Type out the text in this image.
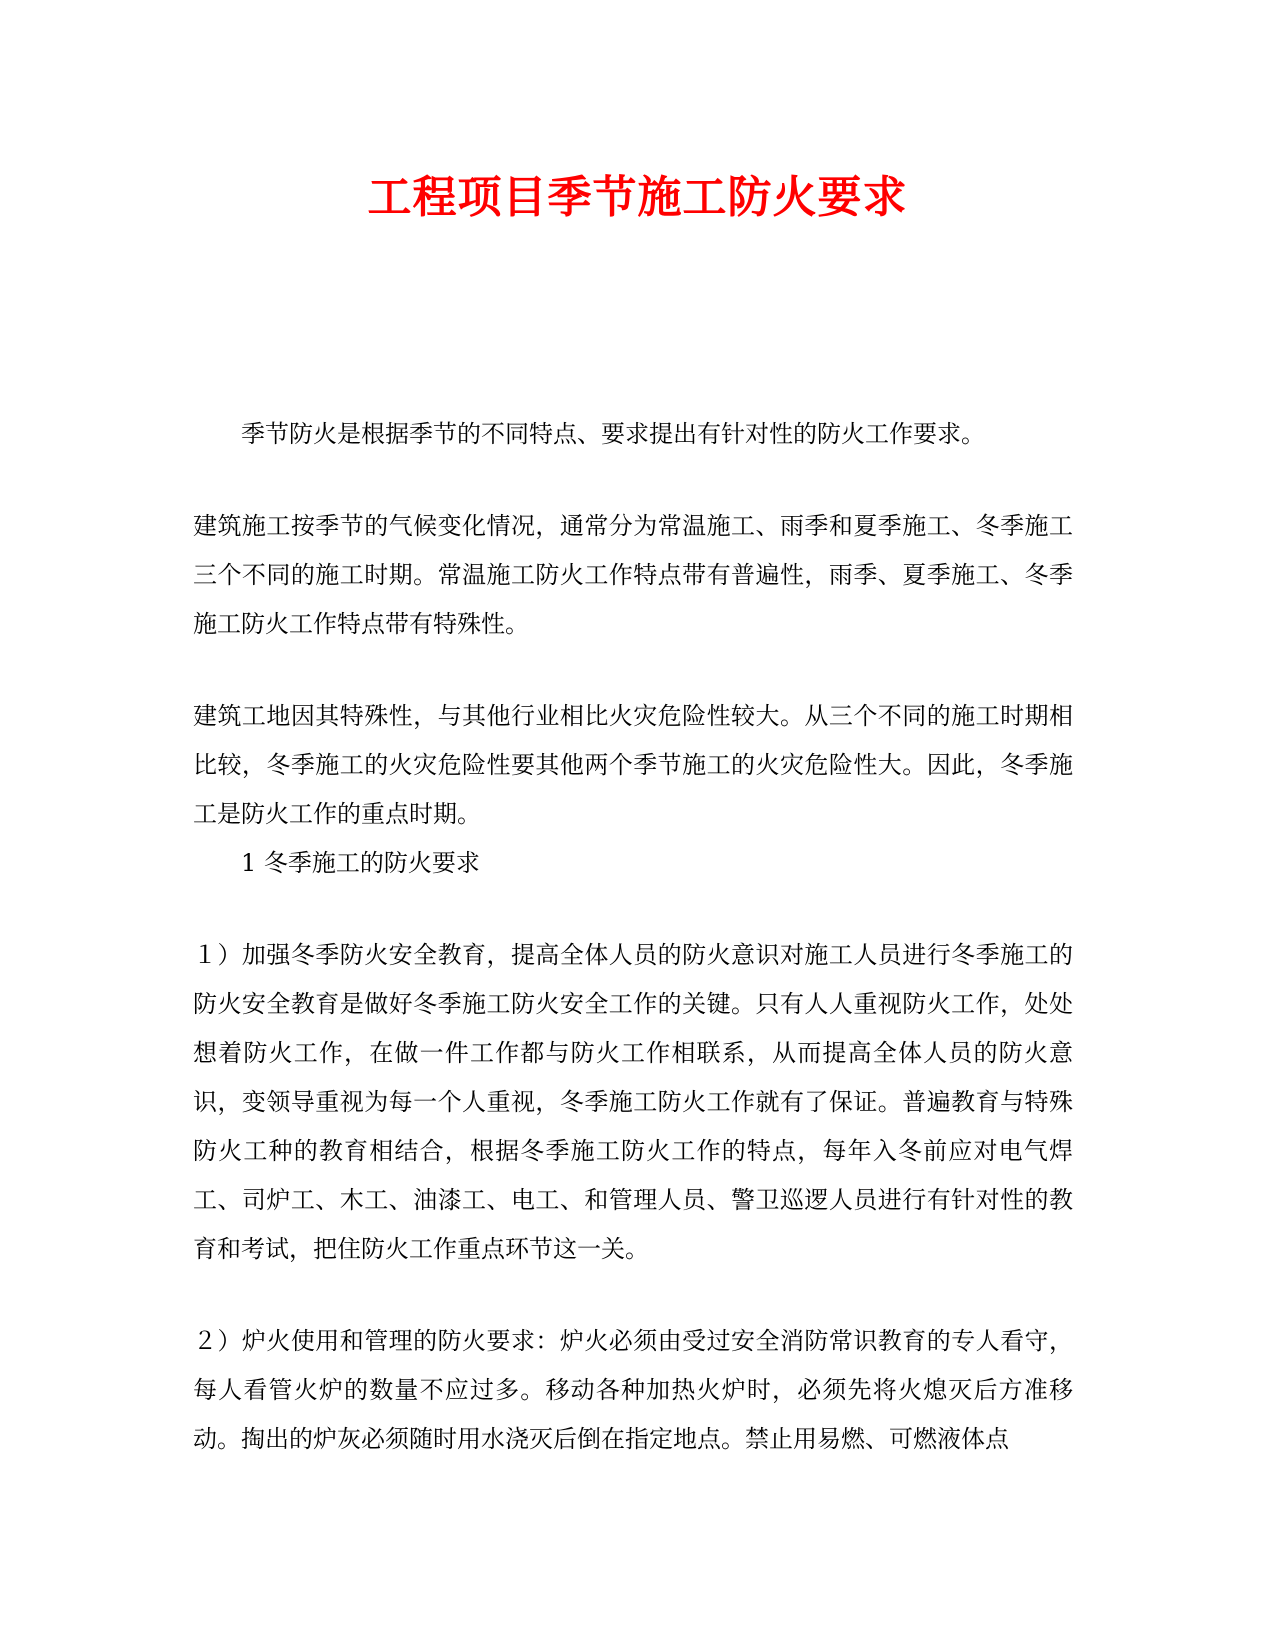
工程项目季节施工防火要求

季节防火是根据季节的不同特点、要求提出有针对性的防火工作要求。

建筑施工按季节的气候变化情况，通常分为常温施工、雨季和夏季施工、冬季施工三个不同的施工时期。常温施工防火工作特点带有普遍性，雨季、夏季施工、冬季施工防火工作特点带有特殊性。

建筑工地因其特殊性，与其他行业相比火灾危险性较大。从三个不同的施工时期相比较，冬季施工的火灾危险性要其他两个季节施工的火灾危险性大。因此，冬季施工是防火工作的重点时期。

1 冬季施工的防火要求

１）加强冬季防火安全教育，提高全体人员的防火意识对施工人员进行冬季施工的防火安全教育是做好冬季施工防火安全工作的关键。只有人人重视防火工作，处处想着防火工作，在做一件工作都与防火工作相联系，从而提高全体人员的防火意识，变领导重视为每一个人重视，冬季施工防火工作就有了保证。普遍教育与特殊防火工种的教育相结合，根据冬季施工防火工作的特点，每年入冬前应对电气焊工、司炉工、木工、油漆工、电工、和管理人员、警卫巡逻人员进行有针对性的教育和考试，把住防火工作重点环节这一关。

２）炉火使用和管理的防火要求：炉火必须由受过安全消防常识教育的专人看守，每人看管火炉的数量不应过多。移动各种加热火炉时，必须先将火熄灭后方准移动。掏出的炉灰必须随时用水浇灭后倒在指定地点。禁止用易燃、可燃液体点
